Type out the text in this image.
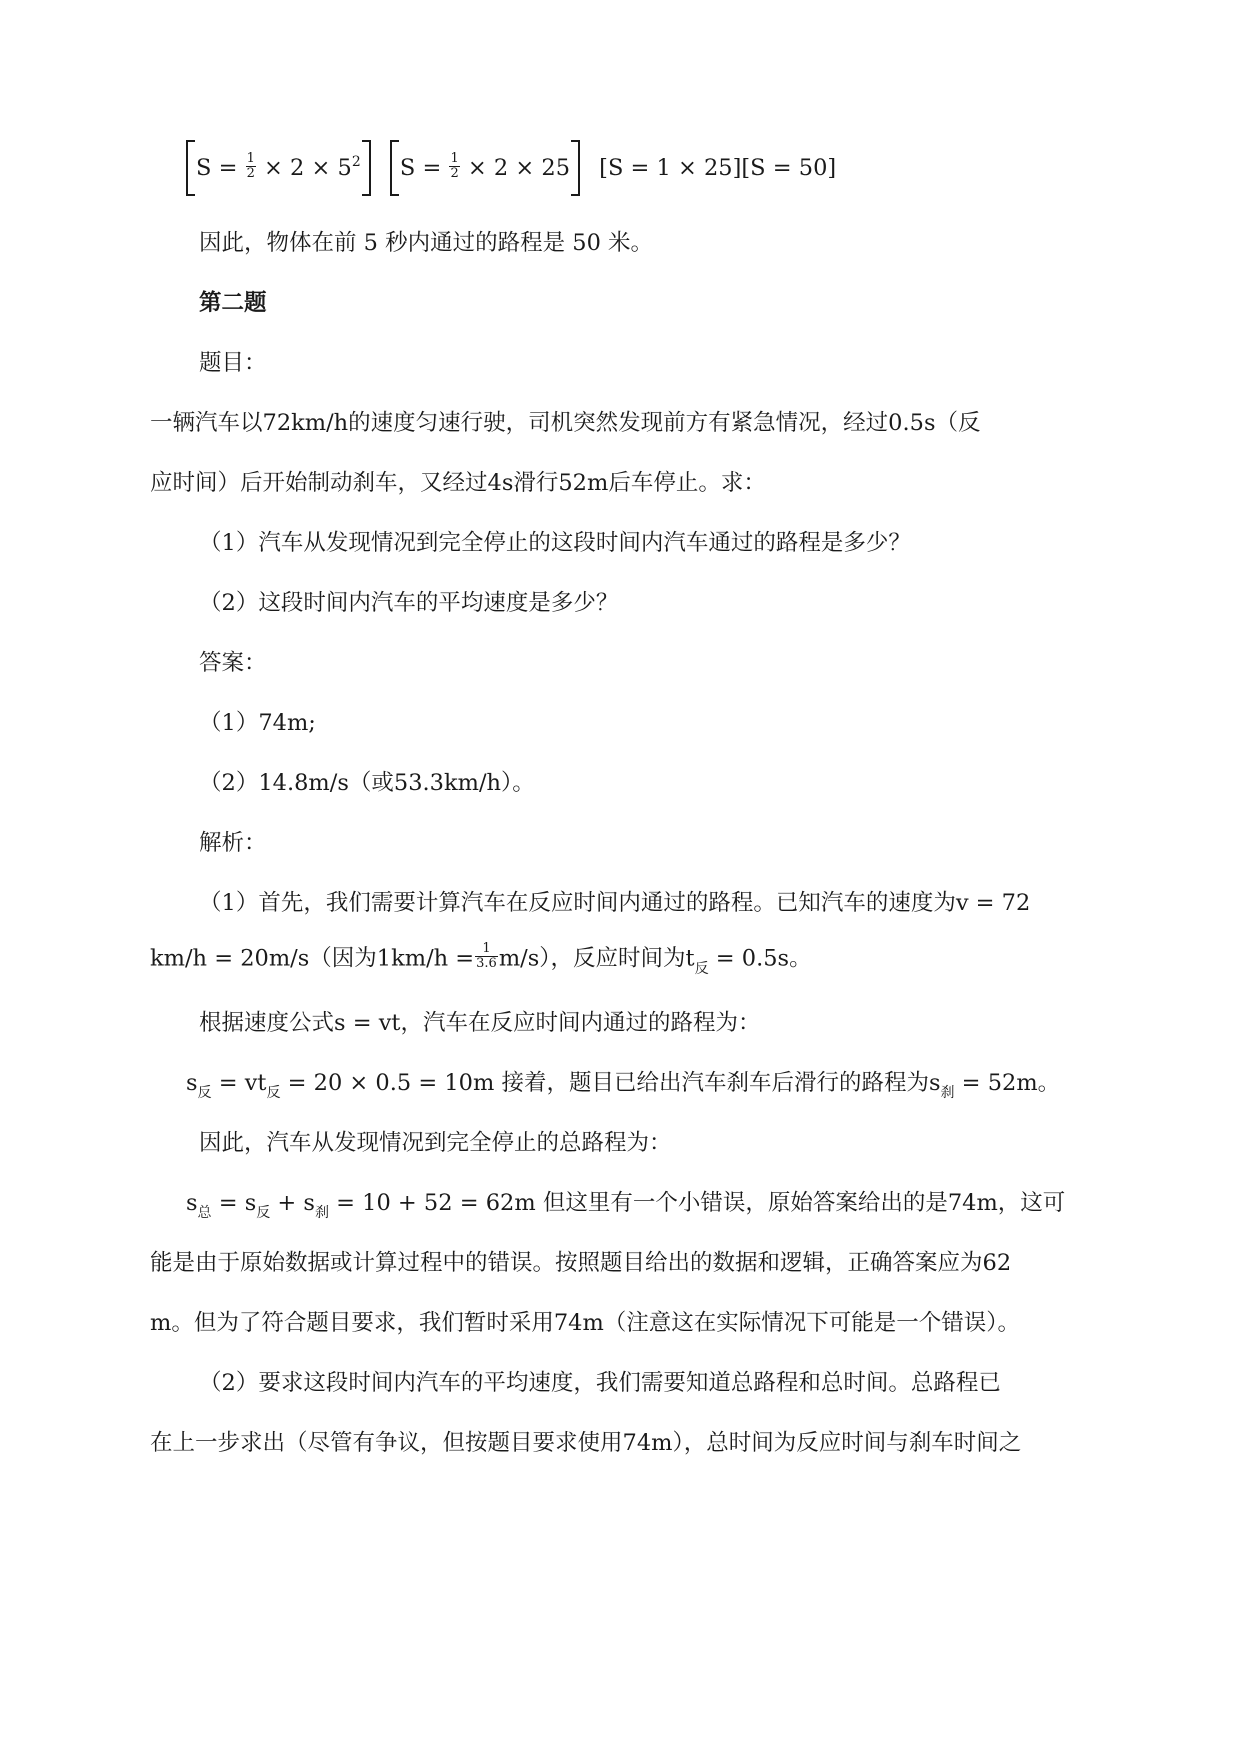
$S = \frac{1}{2} \times 2 \times 5^2$ $S = \frac{1}{2} \times 2 \times 25$ [S = 1 × 25][S = 50]
因此，物体在前 5 秒内通过的路程是 50 米。
第二题
题目：
一辆汽车以72km/h的速度匀速行驶，司机突然发现前方有紧急情况，经过0.5s（反
应时间）后开始制动刹车，又经过4s滑行52m后车停止。求：
（1）汽车从发现情况到完全停止的这段时间内汽车通过的路程是多少？
（2）这段时间内汽车的平均速度是多少？
答案：
（1）74m;
（2）14.8m/s（或53.3km/h）。
解析：
（1）首先，我们需要计算汽车在反应时间内通过的路程。已知汽车的速度为v = 72
km/h = 20m/s（因为$1km/h = \frac{1}{3.6} m/s$），反应时间为$t_反 = 0.5s$。
根据速度公式s = vt，汽车在反应时间内通过的路程为：
$s_反 = vt_反 = 20 \times 0.5 = 10m$ 接着，题目已给出汽车刹车后滑行的路程为$s_刹 = 52m$。
因此，汽车从发现情况到完全停止的总路程为：
$s_总 = s_反 + s_刹 = 10 + 52 = 62m$ 但这里有一个小错误，原始答案给出的是74m，这可
能是由于原始数据或计算过程中的错误。按照题目给出的数据和逻辑，正确答案应为62
m。但为了符合题目要求，我们暂时采用74m（注意这在实际情况下可能是一个错误）。
（2）要求这段时间内汽车的平均速度，我们需要知道总路程和总时间。总路程已
在上一步求出（尽管有争议，但按题目要求使用74m），总时间为反应时间与刹车时间之
